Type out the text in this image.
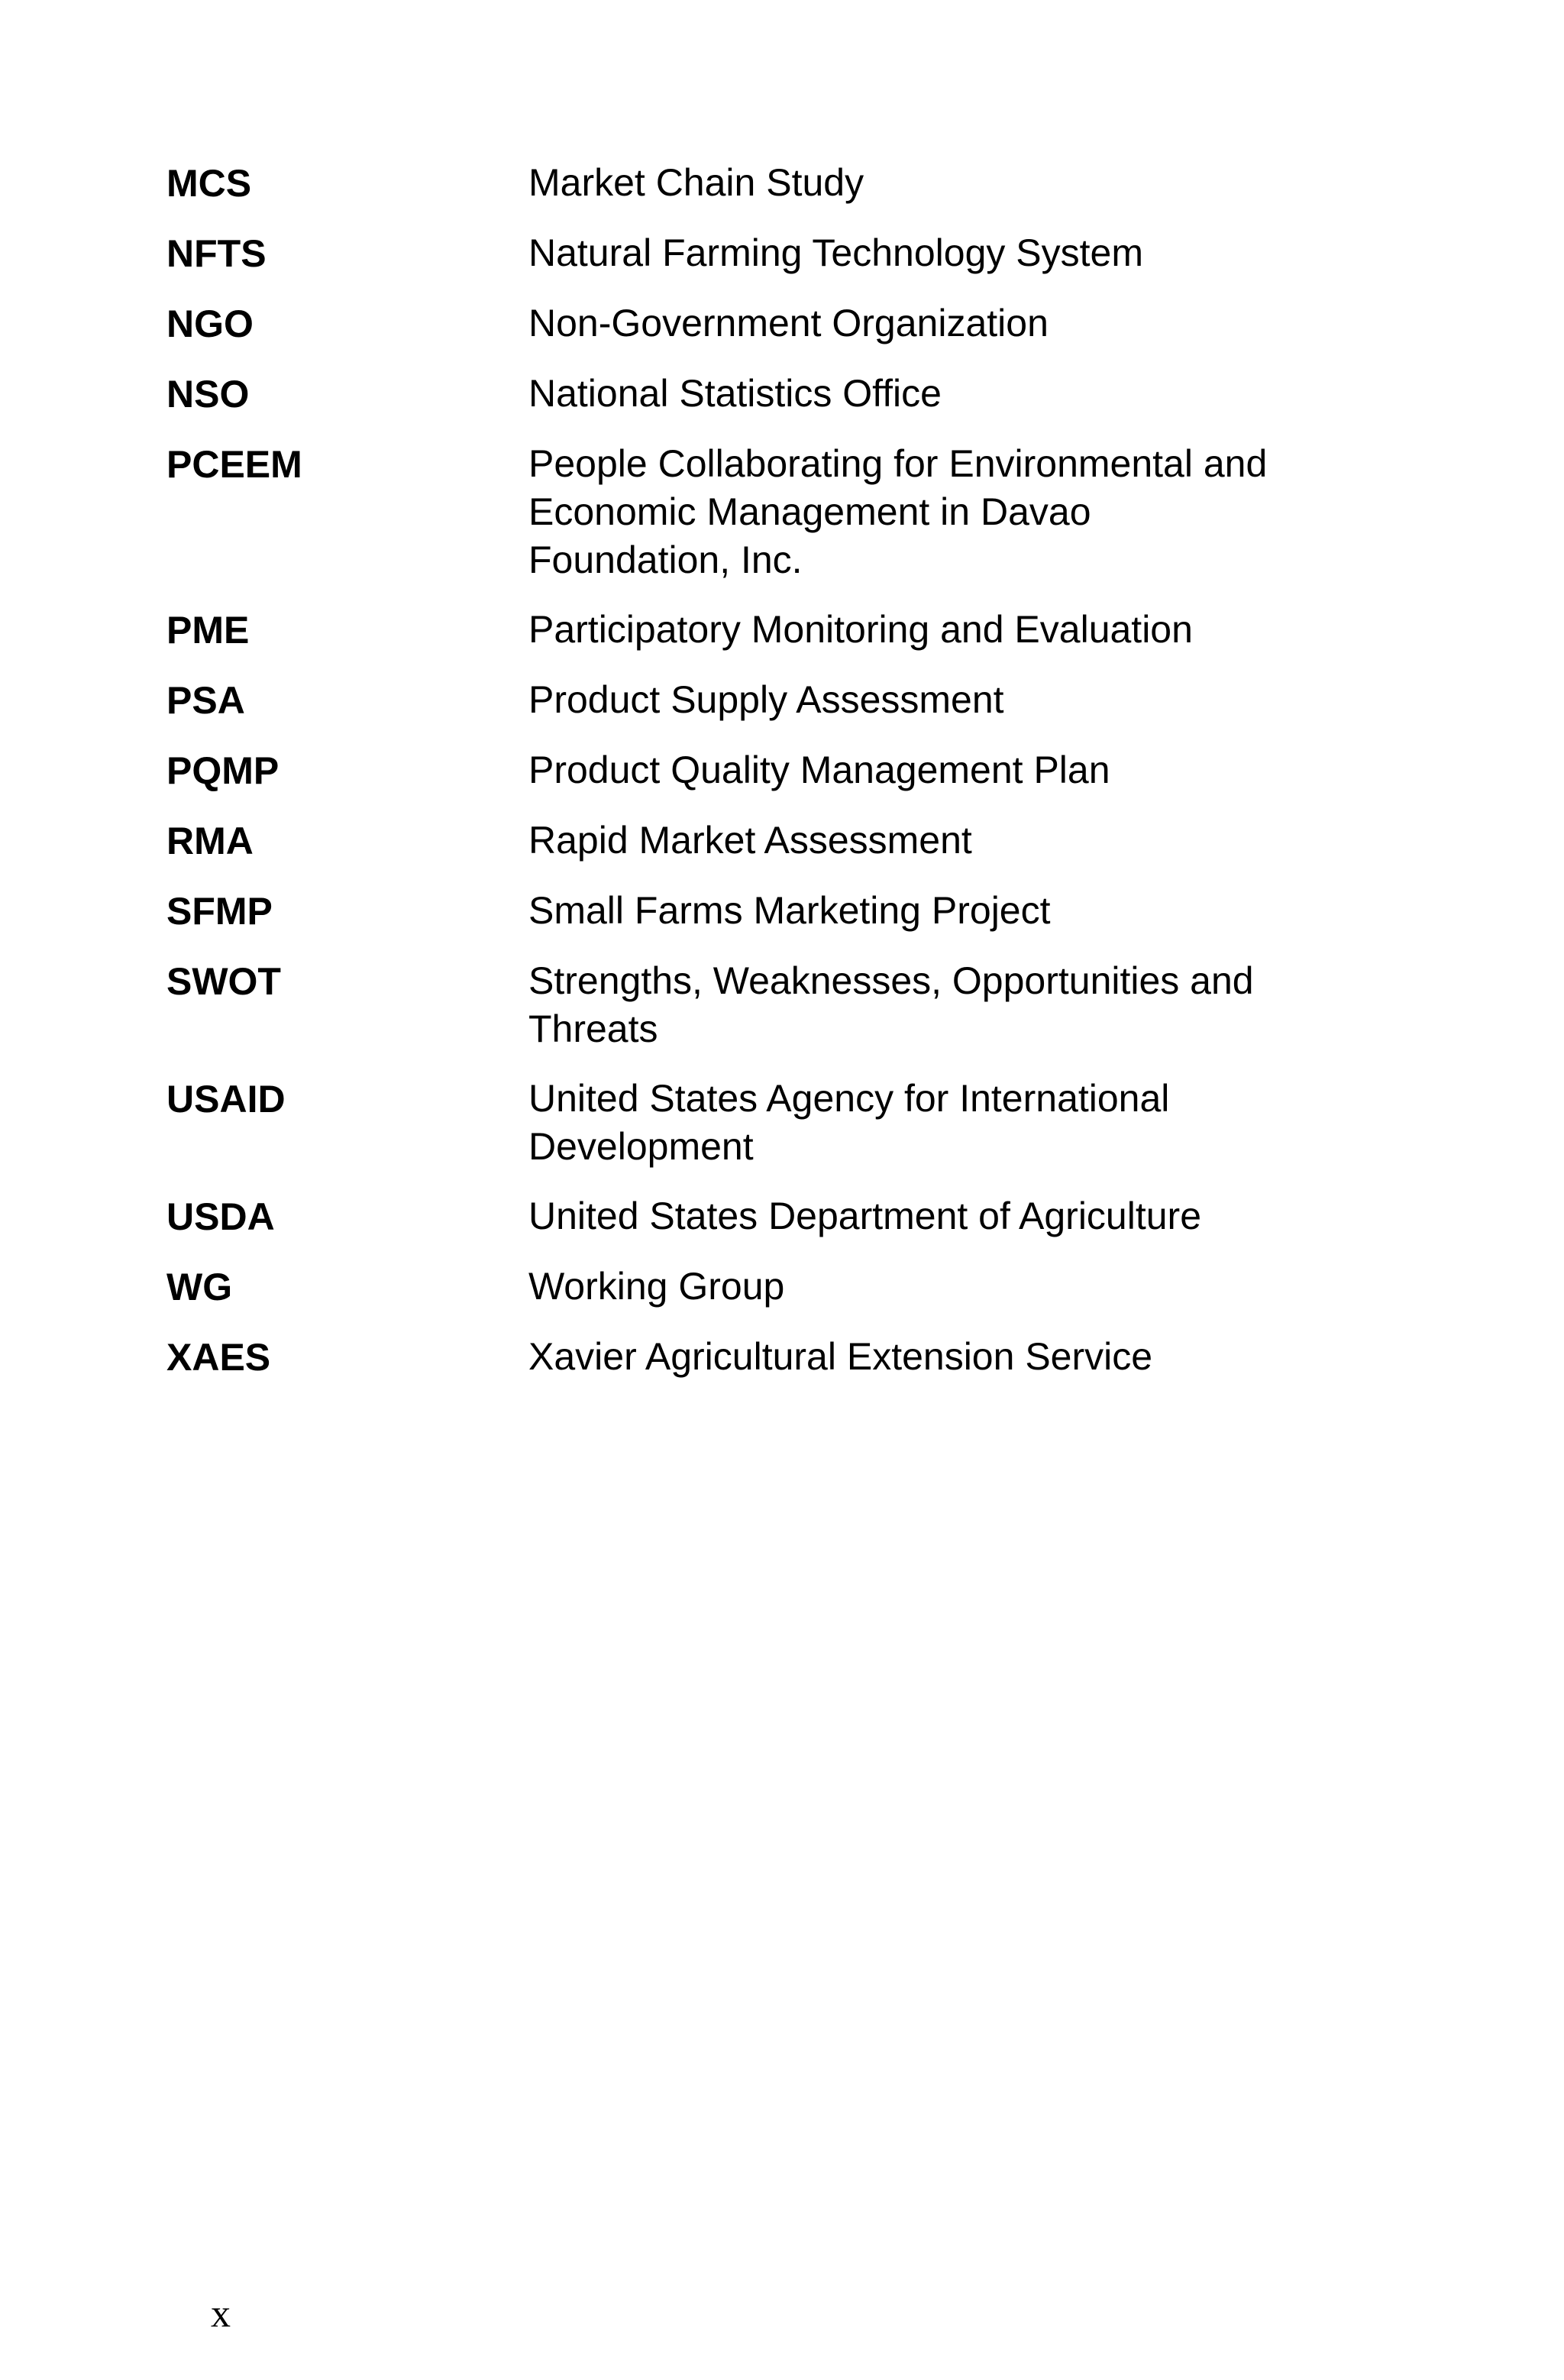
MCS	Market Chain Study
NFTS	Natural Farming Technology System
NGO	Non-Government Organization
NSO	National Statistics Office
PCEEM	People Collaborating for Environmental and Economic Management in Davao Foundation, Inc.
PME	Participatory Monitoring and Evaluation
PSA	Product Supply Assessment
PQMP	Product Quality Management Plan
RMA	Rapid Market Assessment
SFMP	Small Farms Marketing Project
SWOT	Strengths, Weaknesses, Opportunities and Threats
USAID	United States Agency for International Development
USDA	United States Department of Agriculture
WG	Working Group
XAES	Xavier Agricultural Extension Service
x
